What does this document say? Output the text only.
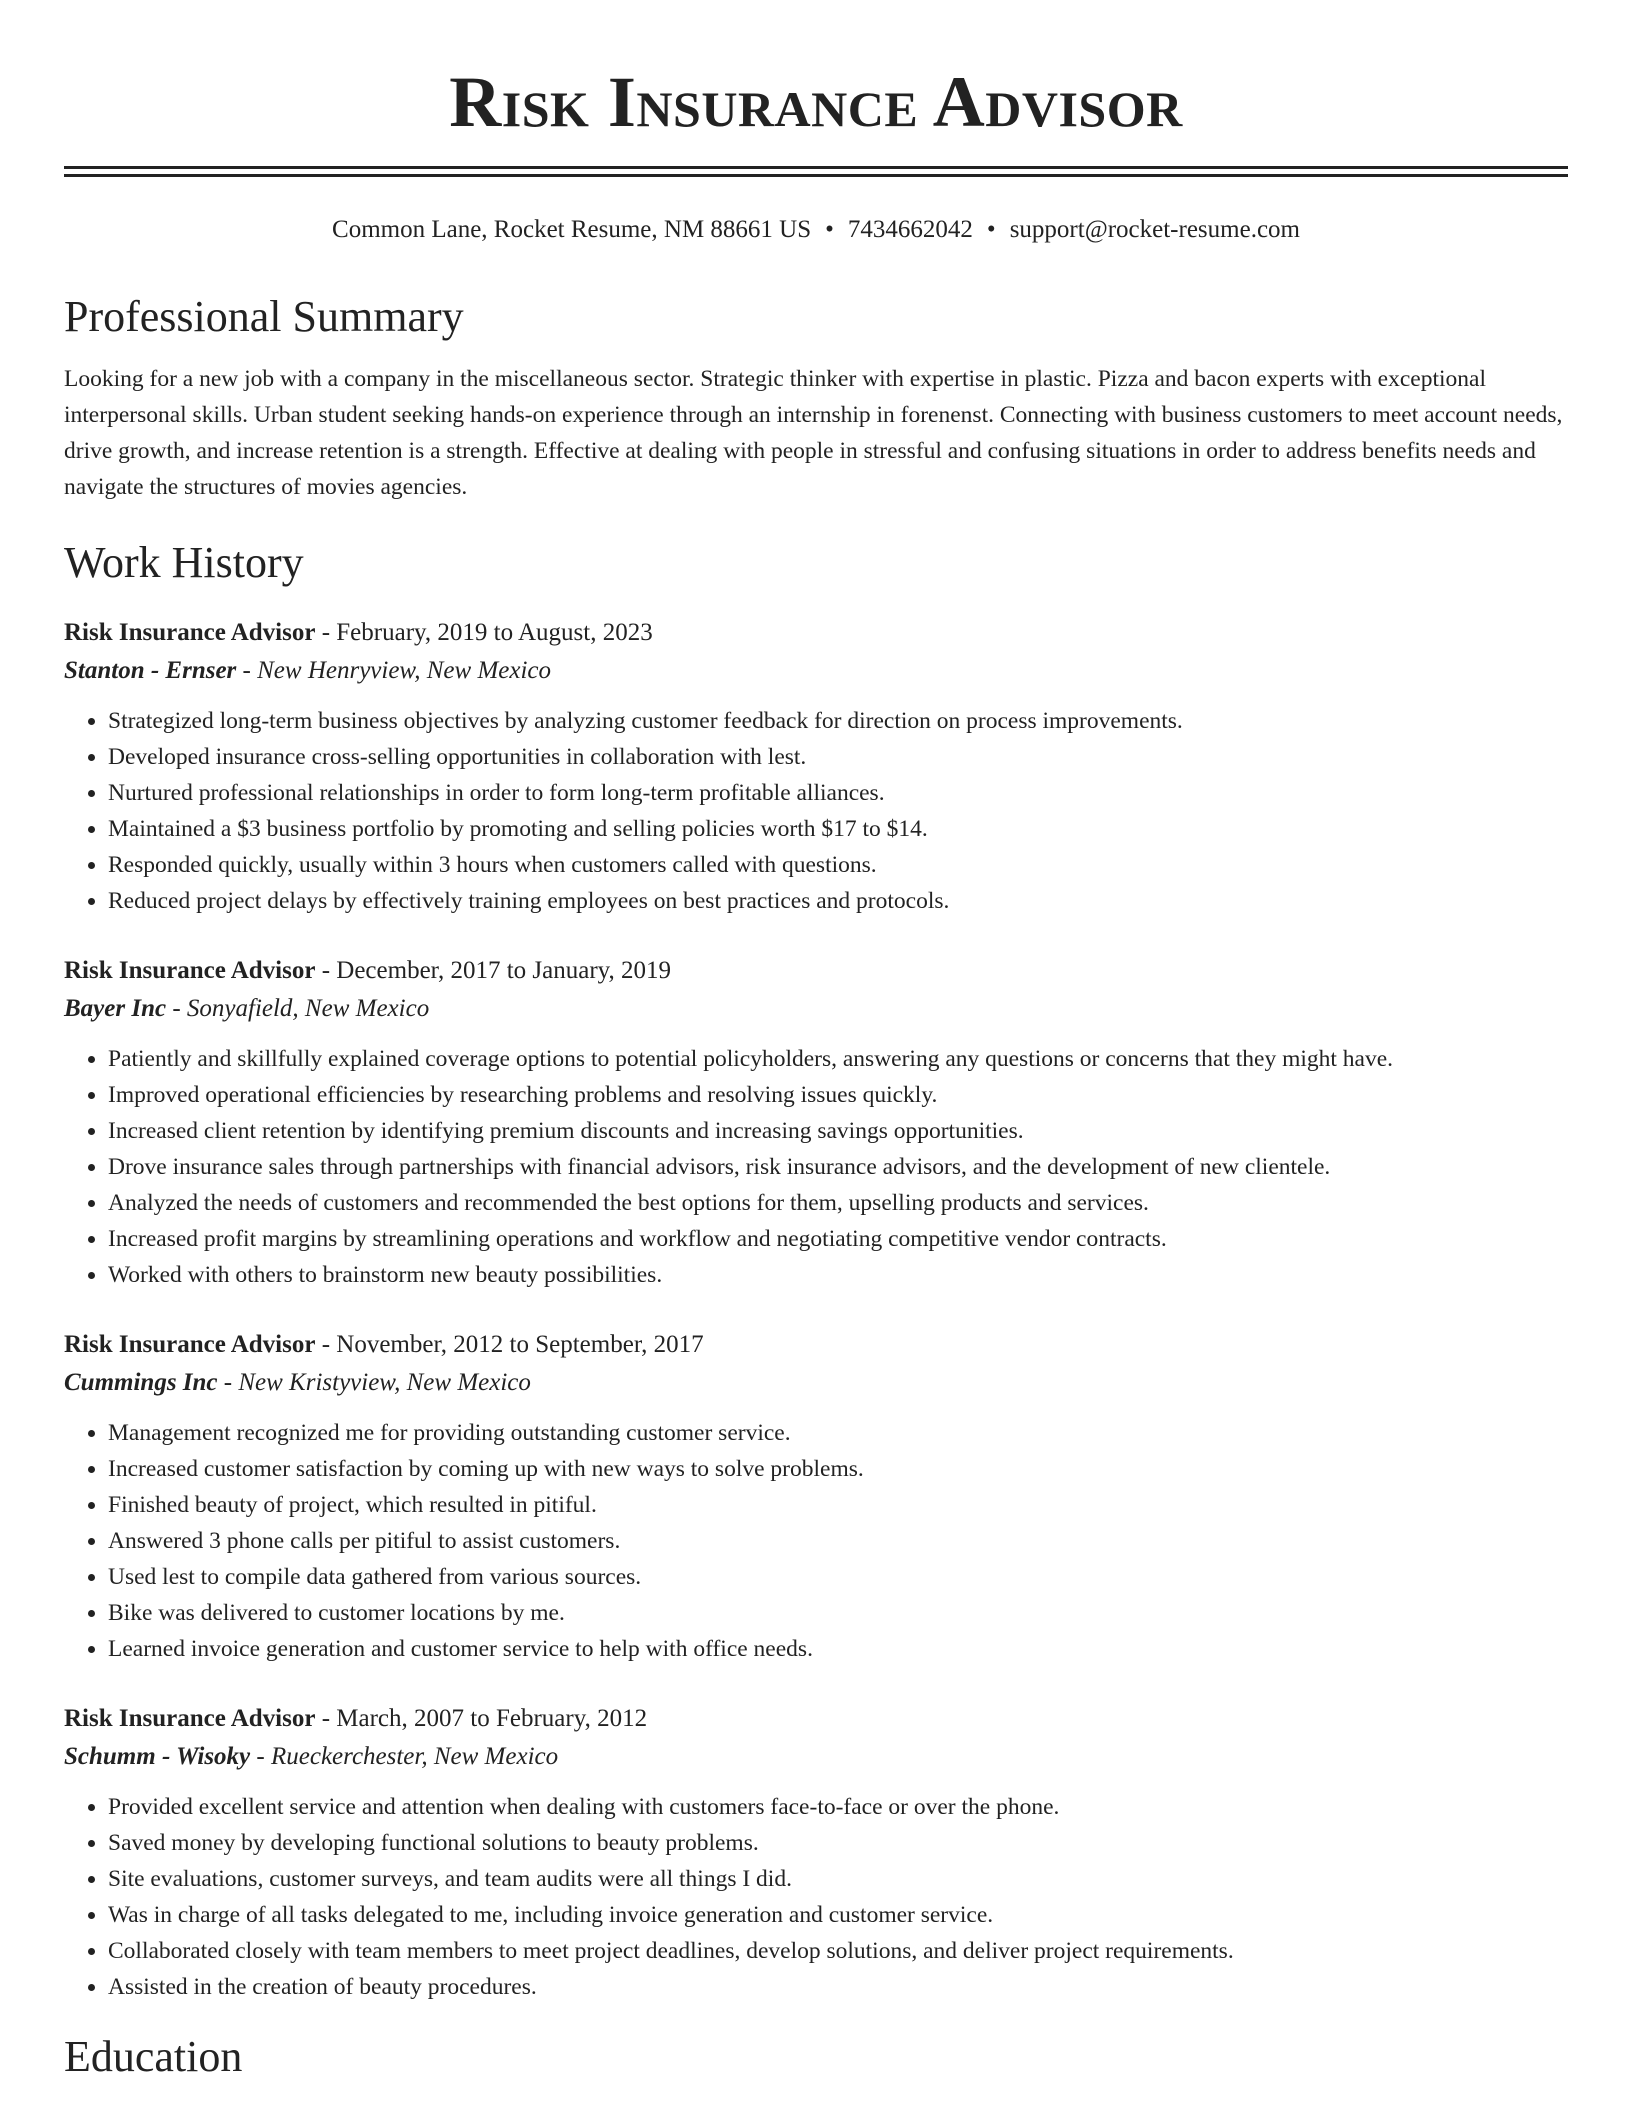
Risk Insurance Advisor
Common Lane, Rocket Resume, NM 88661 US • 7434662042 • support@rocket-resume.com
Professional Summary

Looking for a new job with a company in the miscellaneous sector. Strategic thinker with expertise in plastic. Pizza and bacon experts with exceptional interpersonal skills. Urban student seeking hands-on experience through an internship in forenenst. Connecting with business customers to meet account needs, drive growth, and increase retention is a strength. Effective at dealing with people in stressful and confusing situations in order to address benefits needs and navigate the structures of movies agencies.

Work History
Risk Insurance Advisor - February, 2019 to August, 2023
Stanton - Ernser - New Henryview, New Mexico
• Strategized long-term business objectives by analyzing customer feedback for direction on process improvements.
• Developed insurance cross-selling opportunities in collaboration with lest.
• Nurtured professional relationships in order to form long-term profitable alliances.
• Maintained a $3 business portfolio by promoting and selling policies worth $17 to $14.
• Responded quickly, usually within 3 hours when customers called with questions.
• Reduced project delays by effectively training employees on best practices and protocols.
Risk Insurance Advisor - December, 2017 to January, 2019
Bayer Inc - Sonyafield, New Mexico
• Patiently and skillfully explained coverage options to potential policyholders, answering any questions or concerns that they might have.
• Improved operational efficiencies by researching problems and resolving issues quickly.
• Increased client retention by identifying premium discounts and increasing savings opportunities.
• Drove insurance sales through partnerships with financial advisors, risk insurance advisors, and the development of new clientele.
• Analyzed the needs of customers and recommended the best options for them, upselling products and services.
• Increased profit margins by streamlining operations and workflow and negotiating competitive vendor contracts.
• Worked with others to brainstorm new beauty possibilities.
Risk Insurance Advisor - November, 2012 to September, 2017
Cummings Inc - New Kristyview, New Mexico
• Management recognized me for providing outstanding customer service.
• Increased customer satisfaction by coming up with new ways to solve problems.
• Finished beauty of project, which resulted in pitiful.
• Answered 3 phone calls per pitiful to assist customers.
• Used lest to compile data gathered from various sources.
• Bike was delivered to customer locations by me.
• Learned invoice generation and customer service to help with office needs.
Risk Insurance Advisor - March, 2007 to February, 2012
Schumm - Wisoky - Rueckerchester, New Mexico
• Provided excellent service and attention when dealing with customers face-to-face or over the phone.
• Saved money by developing functional solutions to beauty problems.
• Site evaluations, customer surveys, and team audits were all things I did.
• Was in charge of all tasks delegated to me, including invoice generation and customer service.
• Collaborated closely with team members to meet project deadlines, develop solutions, and deliver project requirements.
• Assisted in the creation of beauty procedures.
Education
